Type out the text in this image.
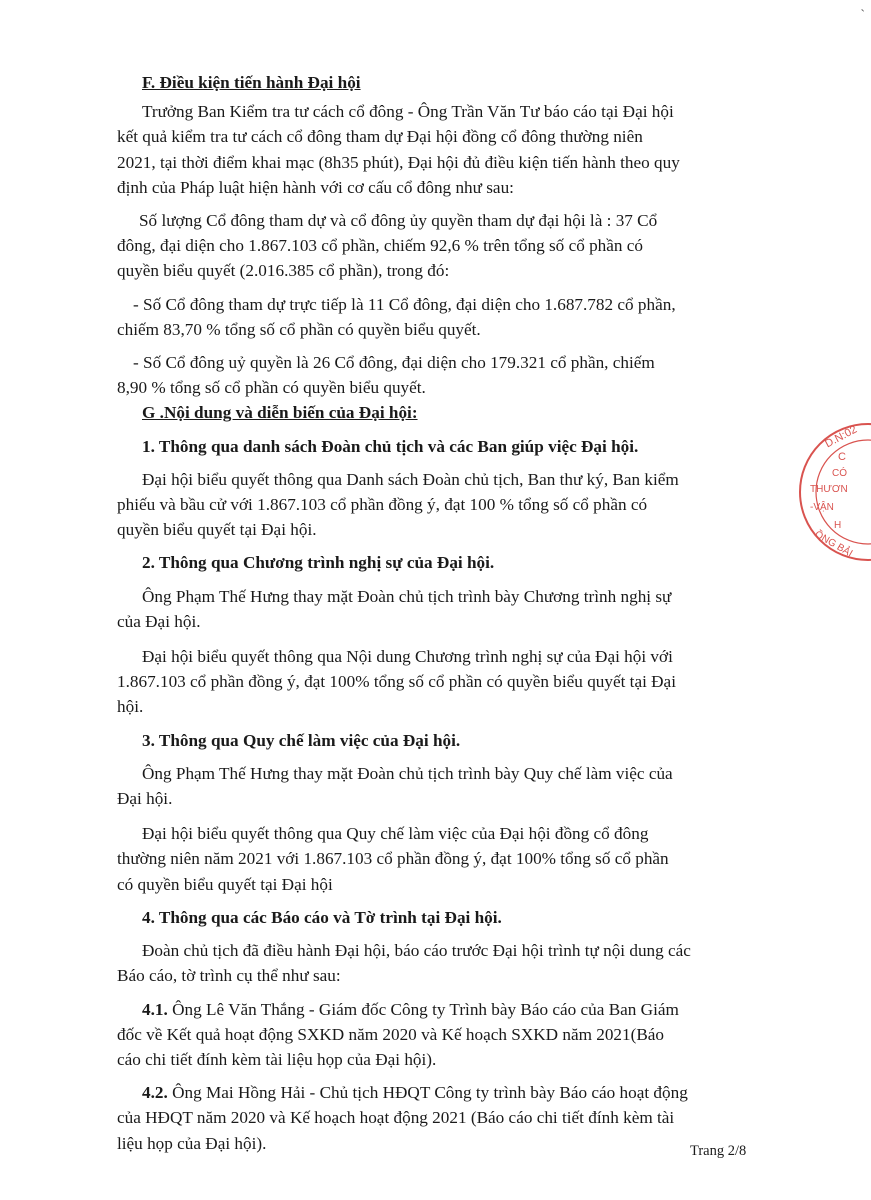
˴
F. Điều kiện tiến hành Đại hội
Trưởng Ban Kiểm tra tư cách cổ đông - Ông Trần Văn Tư báo cáo tại Đại hội
kết quả kiểm tra tư cách cổ đông tham dự Đại hội đồng cổ đông thường niên
2021, tại thời điểm khai mạc (8h35 phút), Đại hội đủ điều kiện tiến hành theo quy
định của Pháp luật hiện hành với cơ cấu cổ đông như sau:
Số lượng Cổ đông tham dự và cổ đông ủy quyền tham dự đại hội là : 37 Cổ
đông, đại diện cho 1.867.103 cổ phần, chiếm 92,6 % trên tổng số cổ phần có
quyền biểu quyết (2.016.385 cổ phần), trong đó:
- Số Cổ đông tham dự trực tiếp là 11 Cổ đông, đại diện cho 1.687.782 cổ phần,
chiếm 83,70 % tổng số cổ phần có quyền biểu quyết.
- Số Cổ đông uỷ quyền là 26 Cổ đông, đại diện cho 179.321 cổ phần, chiếm
8,90 % tổng số cổ phần có quyền biểu quyết.
G .Nội dung và diễn biến của Đại hội:
1. Thông qua danh sách Đoàn chủ tịch và các Ban giúp việc Đại hội.
Đại hội biểu quyết thông qua Danh sách Đoàn chủ tịch, Ban thư ký, Ban kiểm
phiếu và bầu cử với 1.867.103 cổ phần đồng ý, đạt 100 % tổng số cổ phần có
quyền biểu quyết tại Đại hội.
2. Thông qua Chương trình nghị sự của Đại hội.
Ông Phạm Thế Hưng thay mặt Đoàn chủ tịch trình bày Chương trình nghị sự
của Đại hội.
Đại hội biểu quyết thông qua Nội dung Chương trình nghị sự của Đại hội với
1.867.103 cổ phần đồng ý, đạt 100% tổng số cổ phần có quyền biểu quyết tại Đại
hội.
3. Thông qua Quy chế làm việc của Đại hội.
Ông Phạm Thế Hưng thay mặt Đoàn chủ tịch trình bày Quy chế làm việc của
Đại hội.
Đại hội biểu quyết thông qua Quy chế làm việc của Đại hội đồng cổ đông
thường niên năm 2021 với 1.867.103 cổ phần đồng ý, đạt 100% tổng số cổ phần
có quyền biểu quyết tại Đại hội
4. Thông qua các Báo cáo và Tờ trình tại Đại hội.
Đoàn chủ tịch đã điều hành Đại hội, báo cáo trước Đại hội trình tự nội dung các
Báo cáo, tờ trình cụ thể như sau:
4.1. Ông Lê Văn Thắng - Giám đốc Công ty Trình bày Báo cáo của Ban Giám
đốc về Kết quả hoạt động SXKD năm 2020 và Kế hoạch SXKD năm 2021(Báo
cáo chi tiết đính kèm tài liệu họp của Đại hội).
4.2. Ông Mai Hồng Hải - Chủ tịch HĐQT Công ty trình bày Báo cáo hoạt động
của HĐQT năm 2020 và Kế hoạch hoạt động 2021 (Báo cáo chi tiết đính kèm tài
liệu họp của Đại hội).
D.N:02
C
CÓ
THƯƠN
-VẬN
H
ỒNG BẢI
Trang 2/8
